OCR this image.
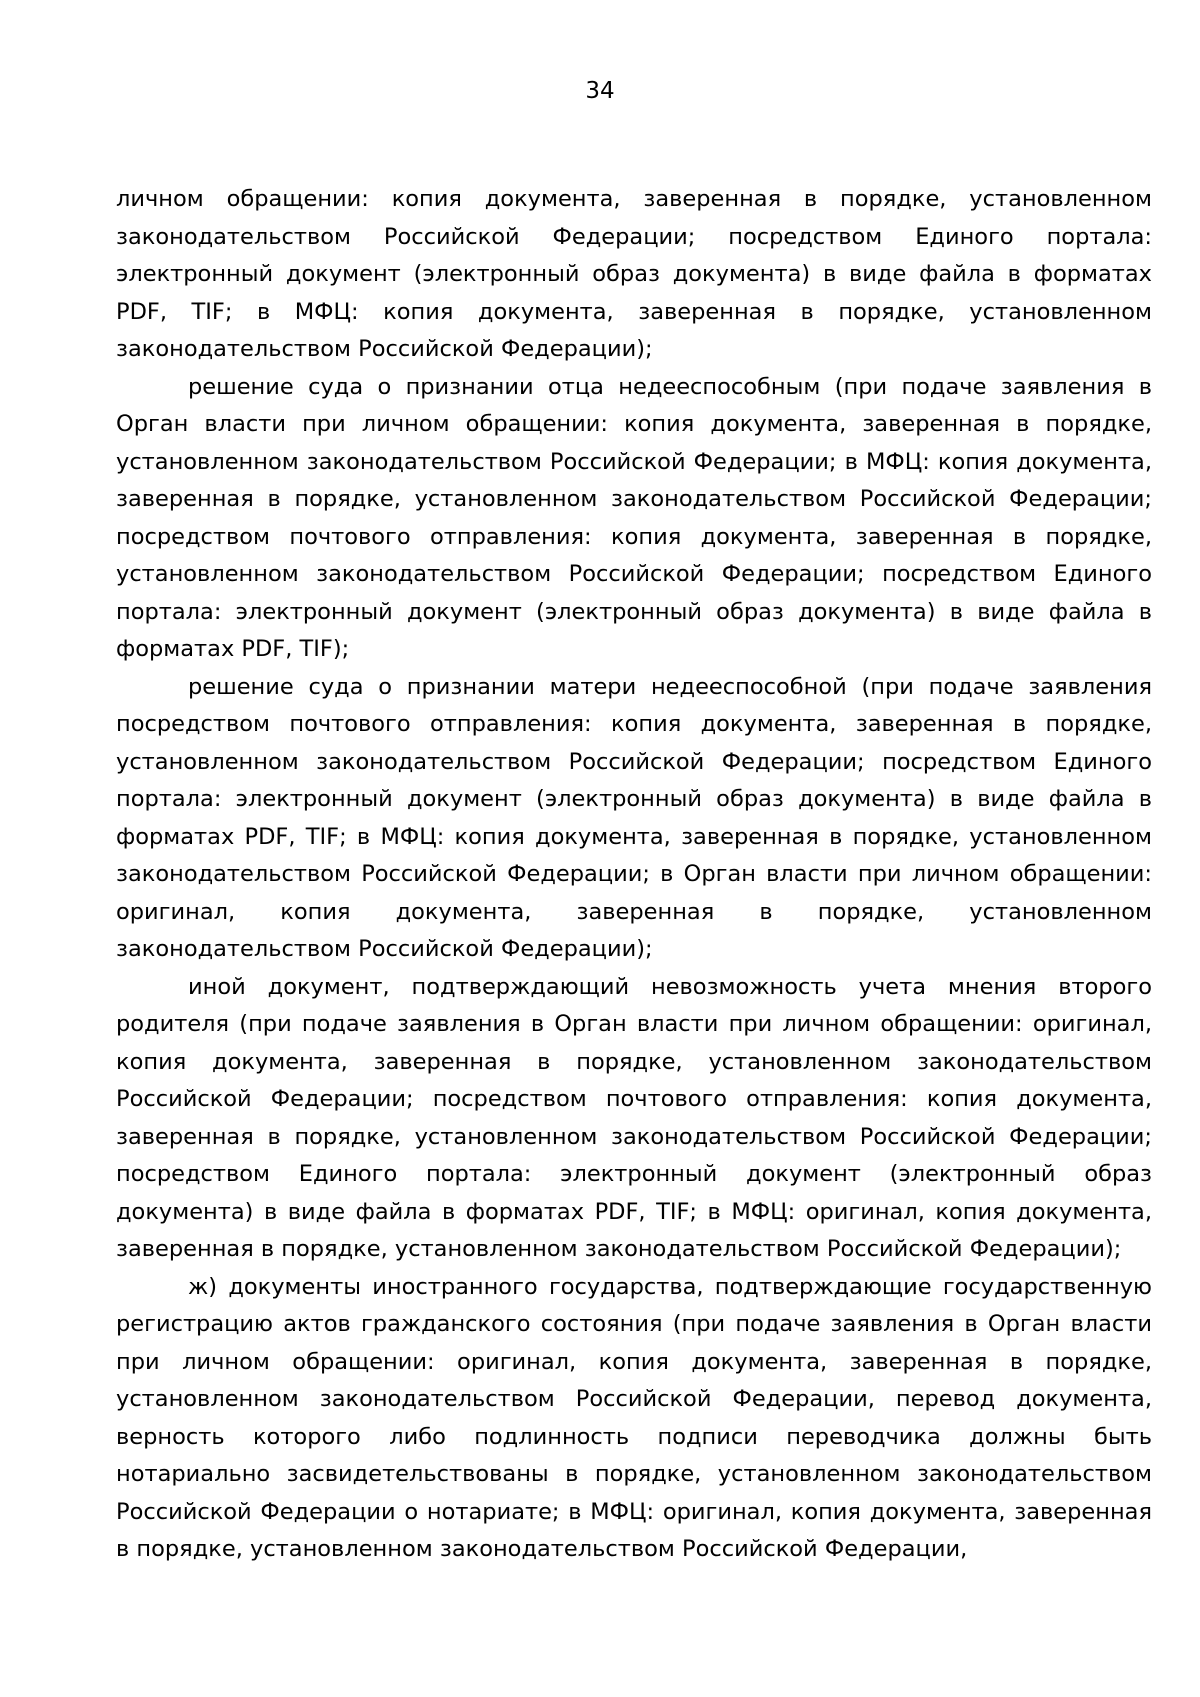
34

личном обращении: копия документа, заверенная в порядке, установленном законодательством Российской Федерации; посредством Единого портала: электронный документ (электронный образ документа) в виде файла в форматах PDF, TIF; в МФЦ: копия документа, заверенная в порядке, установленном законодательством Российской Федерации);

решение суда о признании отца недееспособным (при подаче заявления в Орган власти при личном обращении: копия документа, заверенная в порядке, установленном законодательством Российской Федерации; в МФЦ: копия документа, заверенная в порядке, установленном законодательством Российской Федерации; посредством почтового отправления: копия документа, заверенная в порядке, установленном законодательством Российской Федерации; посредством Единого портала: электронный документ (электронный образ документа) в виде файла в форматах PDF, TIF);

решение суда о признании матери недееспособной (при подаче заявления посредством почтового отправления: копия документа, заверенная в порядке, установленном законодательством Российской Федерации; посредством Единого портала: электронный документ (электронный образ документа) в виде файла в форматах PDF, TIF; в МФЦ: копия документа, заверенная в порядке, установленном законодательством Российской Федерации; в Орган власти при личном обращении: оригинал, копия документа, заверенная в порядке, установленном законодательством Российской Федерации);

иной документ, подтверждающий невозможность учета мнения второго родителя (при подаче заявления в Орган власти при личном обращении: оригинал, копия документа, заверенная в порядке, установленном законодательством Российской Федерации; посредством почтового отправления: копия документа, заверенная в порядке, установленном законодательством Российской Федерации; посредством Единого портала: электронный документ (электронный образ документа) в виде файла в форматах PDF, TIF; в МФЦ: оригинал, копия документа, заверенная в порядке, установленном законодательством Российской Федерации);

ж) документы иностранного государства, подтверждающие государственную регистрацию актов гражданского состояния (при подаче заявления в Орган власти при личном обращении: оригинал, копия документа, заверенная в порядке, установленном законодательством Российской Федерации, перевод документа, верность которого либо подлинность подписи переводчика должны быть нотариально засвидетельствованы в порядке, установленном законодательством Российской Федерации о нотариате; в МФЦ: оригинал, копия документа, заверенная в порядке, установленном законодательством Российской Федерации,
